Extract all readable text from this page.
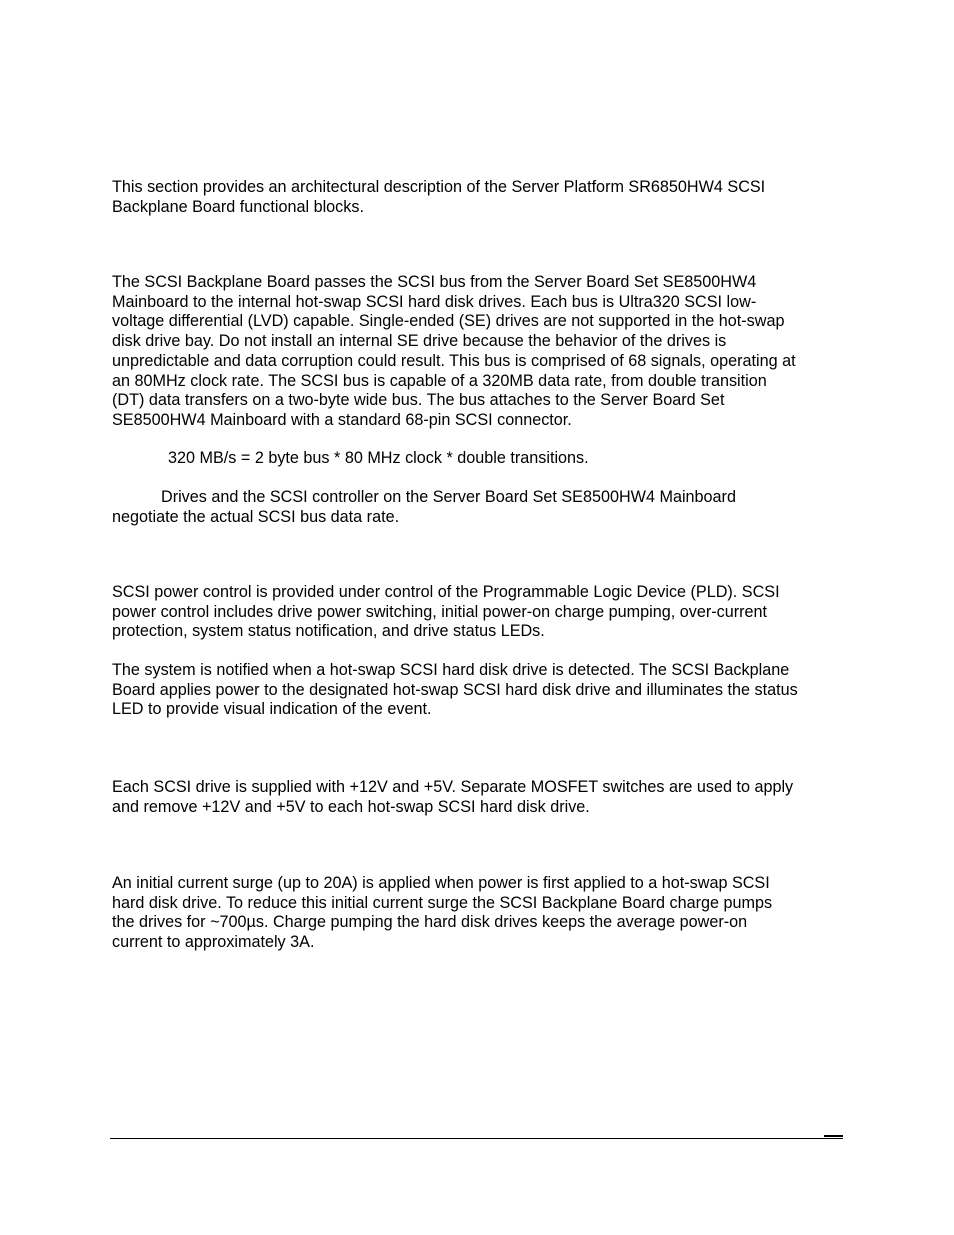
This section provides an architectural description of the Server Platform SR6850HW4 SCSI
Backplane Board functional blocks.

The SCSI Backplane Board passes the SCSI bus from the Server Board Set SE8500HW4
Mainboard to the internal hot-swap SCSI hard disk drives. Each bus is Ultra320 SCSI low-
voltage differential (LVD) capable. Single-ended (SE) drives are not supported in the hot-swap
disk drive bay. Do not install an internal SE drive because the behavior of the drives is
unpredictable and data corruption could result. This bus is comprised of 68 signals, operating at
an 80MHz clock rate. The SCSI bus is capable of a 320MB data rate, from double transition
(DT) data transfers on a two-byte wide bus. The bus attaches to the Server Board Set
SE8500HW4 Mainboard with a standard 68-pin SCSI connector.

320 MB/s = 2 byte bus * 80 MHz clock * double transitions.

Drives and the SCSI controller on the Server Board Set SE8500HW4 Mainboard
negotiate the actual SCSI bus data rate.

SCSI power control is provided under control of the Programmable Logic Device (PLD). SCSI
power control includes drive power switching, initial power-on charge pumping, over-current
protection, system status notification, and drive status LEDs.

The system is notified when a hot-swap SCSI hard disk drive is detected. The SCSI Backplane
Board applies power to the designated hot-swap SCSI hard disk drive and illuminates the status
LED to provide visual indication of the event.

Each SCSI drive is supplied with +12V and +5V. Separate MOSFET switches are used to apply
and remove +12V and +5V to each hot-swap SCSI hard disk drive.

An initial current surge (up to 20A) is applied when power is first applied to a hot-swap SCSI
hard disk drive. To reduce this initial current surge the SCSI Backplane Board charge pumps
the drives for ~700µs. Charge pumping the hard disk drives keeps the average power-on
current to approximately 3A.
